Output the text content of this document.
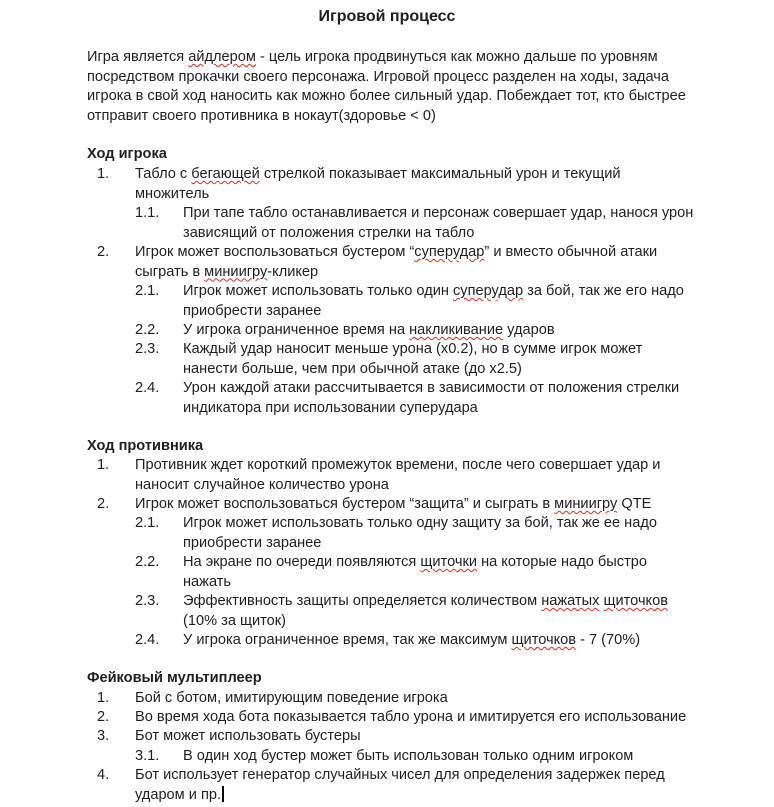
Игровой процесс
Игра является айдлером - цель игрока продвинуться как можно дальше по уровням посредством прокачки своего персонажа. Игровой процесс разделен на ходы, задача игрока в свой ход наносить как можно более сильный удар. Побеждает тот, кто быстрее отправит своего противника в нокаут(здоровье < 0)
Ход игрока
1. Табло с бегающей стрелкой показывает максимальный урон и текущий множитель
1.1. При тапе табло останавливается и персонаж совершает удар, нанося урон зависящий от положения стрелки на табло
2. Игрок может воспользоваться бустером “суперудар” и вместо обычной атаки сыграть в миниигру-кликер
2.1. Игрок может использовать только один суперудар за бой, так же его надо приобрести заранее
2.2. У игрока ограниченное время на накликивание ударов
2.3. Каждый удар наносит меньше урона (x0.2), но в сумме игрок может нанести больше, чем при обычной атаке (до x2.5)
2.4. Урон каждой атаки рассчитывается в зависимости от положения стрелки индикатора при использовании суперудара
Ход противника
1. Противник ждет короткий промежуток времени, после чего совершает удар и наносит случайное количество урона
2. Игрок может воспользоваться бустером “защита” и сыграть в миниигру QTE
2.1. Игрок может использовать только одну защиту за бой, так же ее надо приобрести заранее
2.2. На экране по очереди появляются щиточки на которые надо быстро нажать
2.3. Эффективность защиты определяется количеством нажатых щиточков (10% за щиток)
2.4. У игрока ограниченное время, так же максимум щиточков - 7 (70%)
Фейковый мультиплеер
1. Бой с ботом, имитирующим поведение игрока
2. Во время хода бота показывается табло урона и имитируется его использование
3. Бот может использовать бустеры
3.1. В один ход бустер может быть использован только одним игроком
4. Бот использует генератор случайных чисел для определения задержек перед ударом и пр.
